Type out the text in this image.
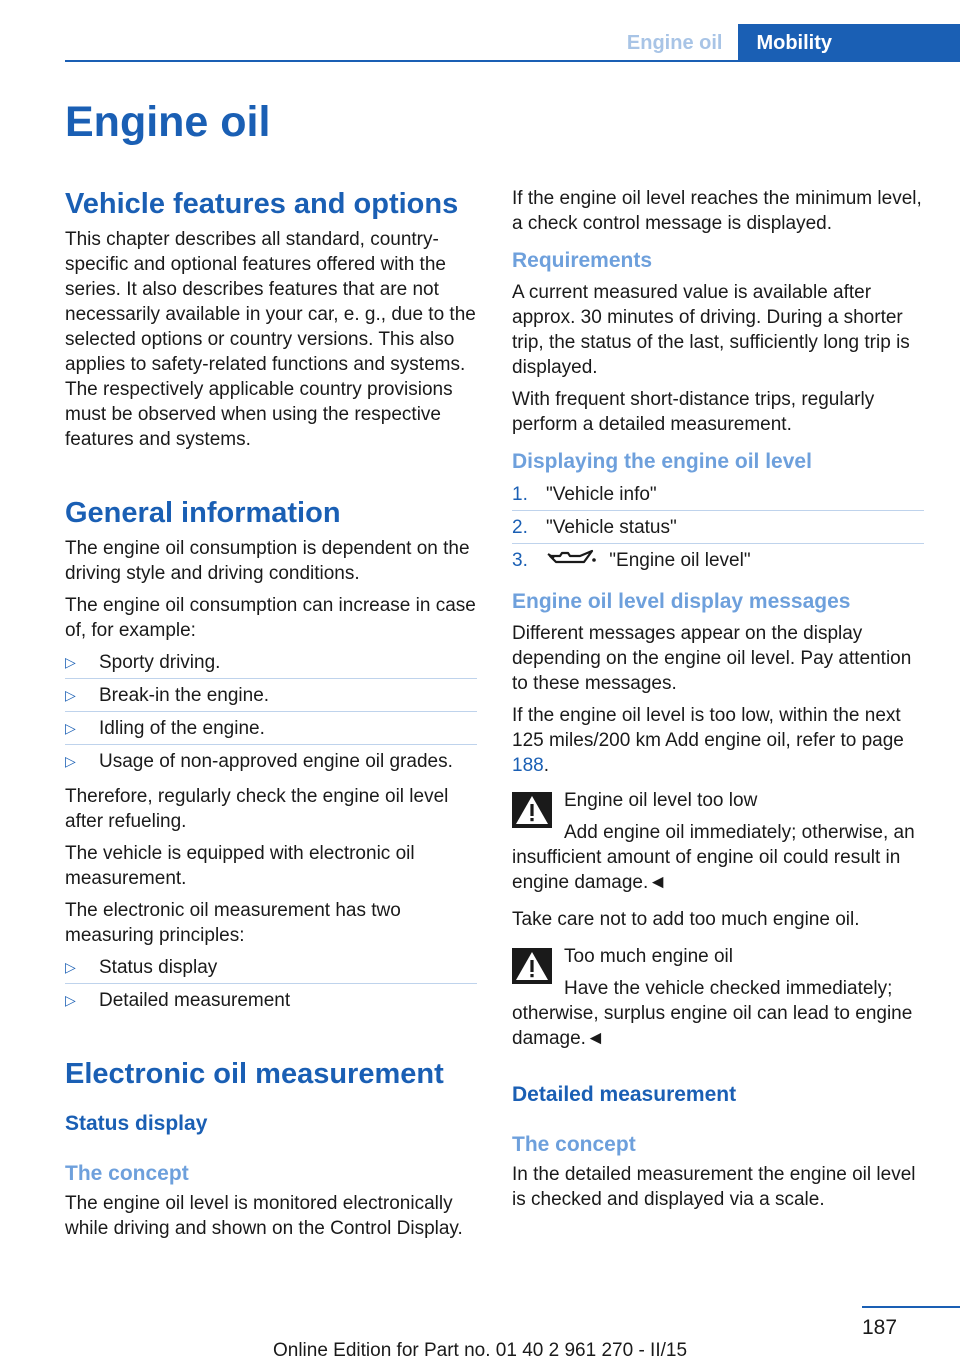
Engine oil	Mobility
Engine oil
Vehicle features and options

This chapter describes all standard, country-specific and optional features offered with the series. It also describes features that are not necessarily available in your car, e. g., due to the selected options or country versions. This also applies to safety-related functions and systems. The respectively applicable country provisions must be observed when using the respective features and systems.

General information

The engine oil consumption is dependent on the driving style and driving conditions.

The engine oil consumption can increase in case of, for example:

▷ Sporty driving.
▷ Break-in the engine.
▷ Idling of the engine.
▷ Usage of non-approved engine oil grades.

Therefore, regularly check the engine oil level after refueling.

The vehicle is equipped with electronic oil measurement.

The electronic oil measurement has two measuring principles:

▷ Status display
▷ Detailed measurement
Electronic oil measurement
Status display
The concept

The engine oil level is monitored electronically while driving and shown on the Control Display.

If the engine oil level reaches the minimum level, a check control message is displayed.

Requirements

A current measured value is available after approx. 30 minutes of driving. During a shorter trip, the status of the last, sufficiently long trip is displayed.

With frequent short-distance trips, regularly perform a detailed measurement.

Displaying the engine oil level
1. "Vehicle info"
2. "Vehicle status"
3.	"Engine oil level"
Engine oil level display messages

Different messages appear on the display depending on the engine oil level. Pay attention to these messages.

If the engine oil level is too low, within the next 125 miles/200 km Add engine oil, refer to page 188.

Engine oil level too low

Add engine oil immediately; otherwise, an insufficient amount of engine oil could result in engine damage.◄

Take care not to add too much engine oil.

Too much engine oil

Have the vehicle checked immediately; otherwise, surplus engine oil can lead to engine damage.◄

Detailed measurement
The concept

In the detailed measurement the engine oil level is checked and displayed via a scale.

187
Online Edition for Part no. 01 40 2 961 270 - II/15
